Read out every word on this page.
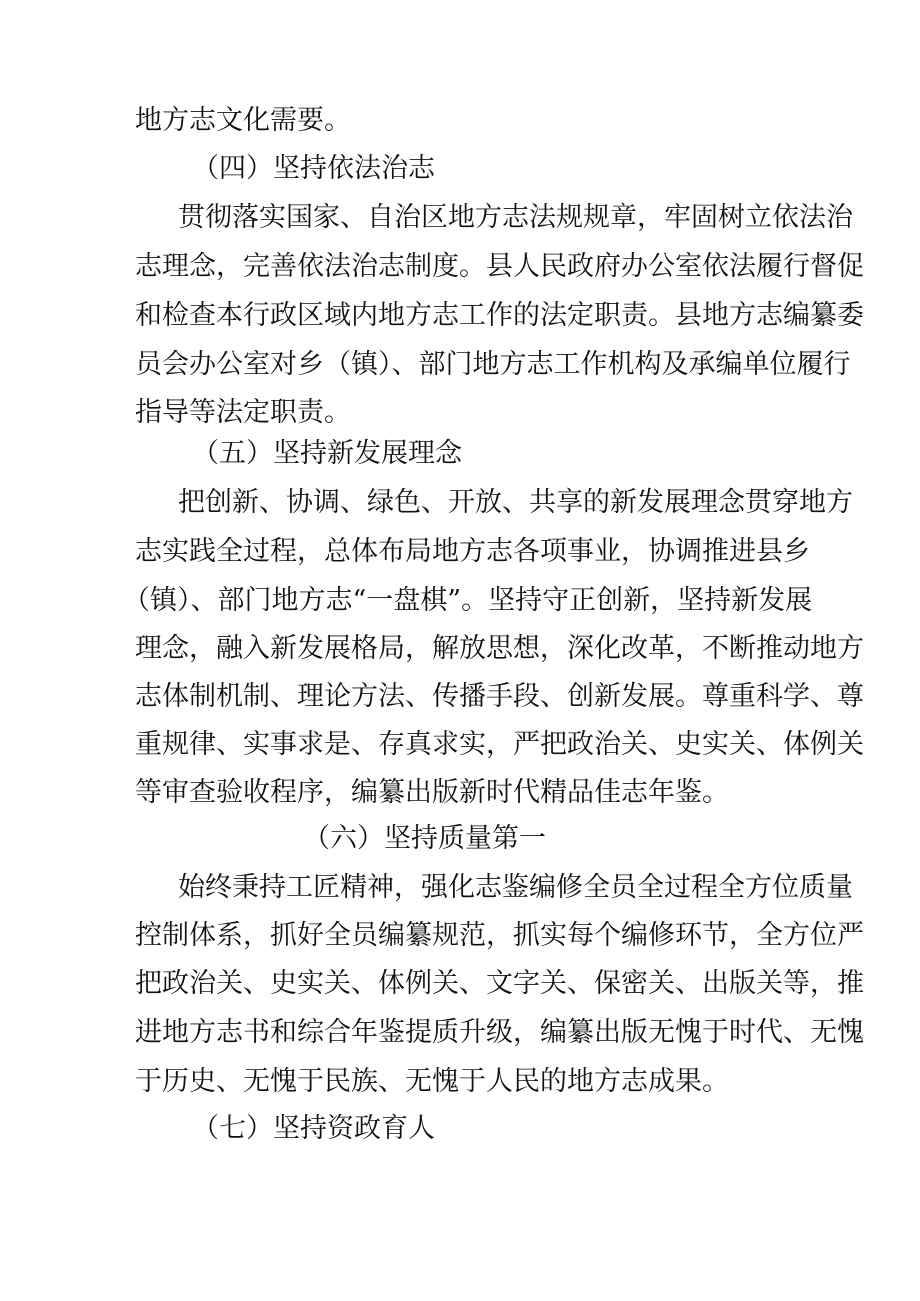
地方志文化需要。
（四）坚持依法治志
贯彻落实国家、自治区地方志法规规章，牢固树立依法治
志理念，完善依法治志制度。县人民政府办公室依法履行督促
和检查本行政区域内地方志工作的法定职责。县地方志编纂委
员会办公室对乡（镇）、部门地方志工作机构及承编单位履行
指导等法定职责。
（五）坚持新发展理念
把创新、协调、绿色、开放、共享的新发展理念贯穿地方
志实践全过程，总体布局地方志各项事业，协调推进县乡
（镇）、部门地方志“一盘棋”。坚持守正创新，坚持新发展
理念，融入新发展格局，解放思想，深化改革，不断推动地方
志体制机制、理论方法、传播手段、创新发展。尊重科学、尊
重规律、实事求是、存真求实，严把政治关、史实关、体例关
等审查验收程序，编纂出版新时代精品佳志年鉴。
（六）坚持质量第一
始终秉持工匠精神，强化志鉴编修全员全过程全方位质量
控制体系，抓好全员编纂规范，抓实每个编修环节，全方位严
把政治关、史实关、体例关、文字关、保密关、出版关等，推
进地方志书和综合年鉴提质升级，编纂出版无愧于时代、无愧
于历史、无愧于民族、无愧于人民的地方志成果。
（七）坚持资政育人
